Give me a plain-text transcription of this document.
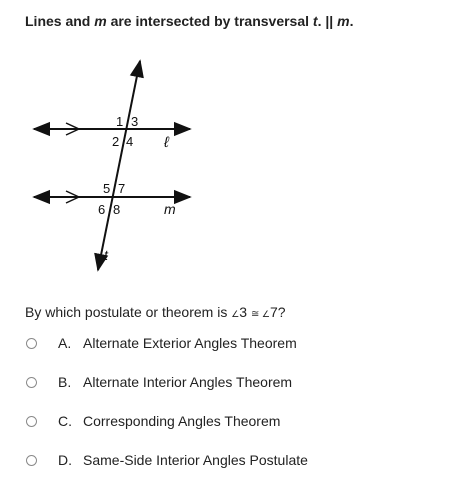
Lines and m are intersected by transversal t. || m.
1 3
2 4
5 7
6 8
ℓ
m
t
By which postulate or theorem is ∠3 ≅ ∠7?
A. Alternate Exterior Angles Theorem
B. Alternate Interior Angles Theorem
C. Corresponding Angles Theorem
D. Same-Side Interior Angles Postulate
